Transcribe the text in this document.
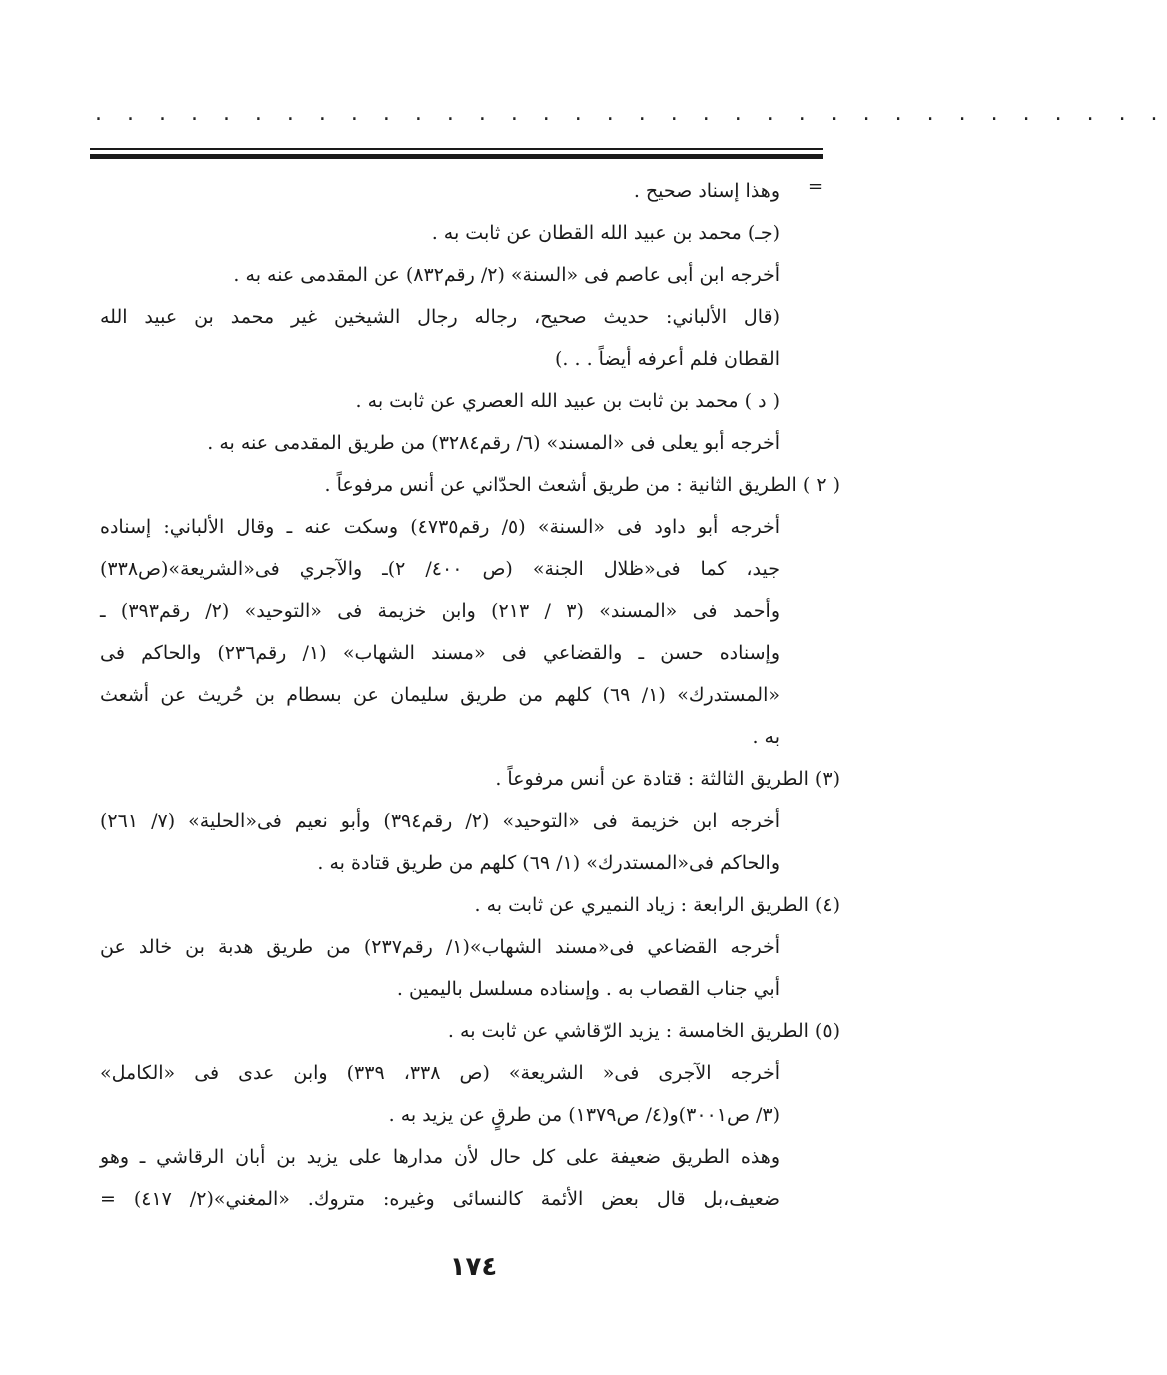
. . . . . . . . . . . . . . . . . . . . . . . . . . . . . . . . . .
=
وهذا إسناد صحيح .
(جـ) محمد بن عبيد الله القطان عن ثابت به .
أخرجه ابن أبى عاصم فى «السنة» (٢/ رقم٨٣٢) عن المقدمى عنه به .
(قال الألباني: حديث صحيح، رجاله رجال الشيخين غير محمد بن عبيد الله
القطان فلم أعرفه أيضاً . . .)
( د ) محمد بن ثابت بن عبيد الله العصري عن ثابت به .
أخرجه أبو يعلى فى «المسند» (٦/ رقم٣٢٨٤) من طريق المقدمى عنه به .
( ٢ ) الطريق الثانية : من طريق أشعث الحدّاني عن أنس مرفوعاً .
أخرجه أبو داود فى «السنة» (٥/ رقم٤٧٣٥) وسكت عنه ـ وقال الألباني: إسناده
جيد، كما فى«ظلال الجنة» (ص ٤٠٠/ ٢)ـ والآجري فى«الشريعة»(ص٣٣٨)
وأحمد فى «المسند» (٣ / ٢١٣) وابن خزيمة فى «التوحيد» (٢/ رقم٣٩٣) ـ
وإسناده حسن ـ والقضاعي فى «مسند الشهاب» (١/ رقم٢٣٦) والحاكم فى
«المستدرك» (١/ ٦٩) كلهم من طريق سليمان عن بسطام بن حُريث عن أشعث
به .
(٣) الطريق الثالثة : قتادة عن أنس مرفوعاً .
أخرجه ابن خزيمة فى «التوحيد» (٢/ رقم٣٩٤) وأبو نعيم فى«الحلية» (٧/ ٢٦١)
والحاكم فى«المستدرك» (١/ ٦٩) كلهم من طريق قتادة به .
(٤) الطريق الرابعة : زياد النميري عن ثابت به .
أخرجه القضاعي فى«مسند الشهاب»(١/ رقم٢٣٧) من طريق هدبة بن خالد عن
أبي جناب القصاب به . وإسناده مسلسل باليمين .
(٥) الطريق الخامسة : يزيد الرّقاشي عن ثابت به .
أخرجه الآجرى فى« الشريعة» (ص ٣٣٨، ٣٣٩) وابن عدى فى «الكامل»
(٣/ ص٣٠٠١)و(٤/ ص١٣٧٩) من طرقٍ عن يزيد به .
وهذه الطريق ضعيفة على كل حال لأن مدارها على يزيد بن أبان الرقاشي ـ وهو
ضعيف،بل قال بعض الأئمة كالنسائى وغيره: متروك. «المغني»(٢/ ٤١٧) =
١٧٤
